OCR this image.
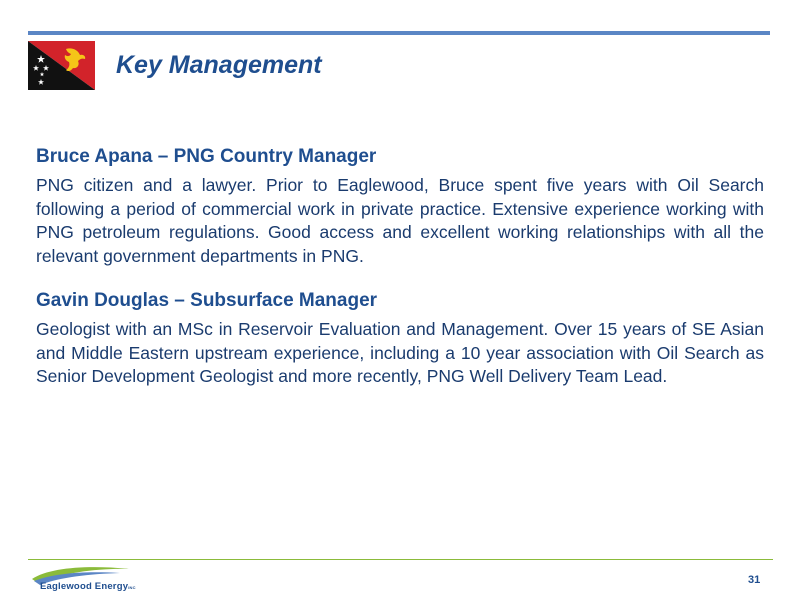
Key Management
Bruce Apana – PNG Country Manager

PNG citizen and a lawyer. Prior to Eaglewood, Bruce spent five years with Oil Search following a period of commercial work in private practice. Extensive experience working with PNG petroleum regulations. Good access and excellent working relationships with all the relevant government departments in PNG.

Gavin Douglas – Subsurface Manager

Geologist with an MSc in Reservoir Evaluation and Management. Over 15 years of SE Asian and Middle Eastern upstream experience, including a 10 year association with Oil Search as Senior Development Geologist and more recently, PNG Well Delivery Team Lead.

Eaglewood EnergyINC
31
